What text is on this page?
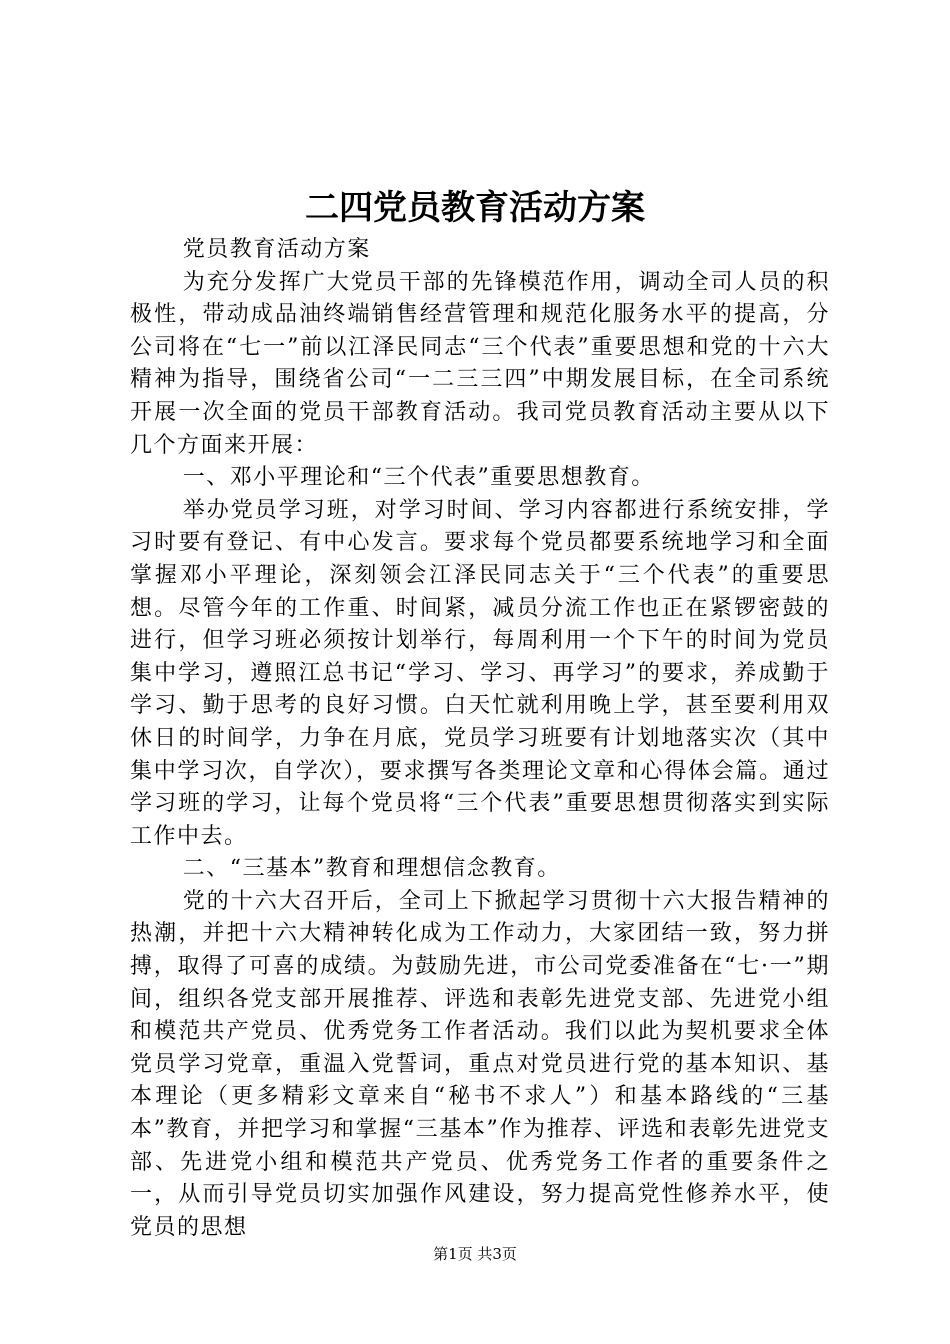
二四党员教育活动方案

党员教育活动方案

为充分发挥广大党员干部的先锋模范作用，调动全司人员的积极性，带动成品油终端销售经营管理和规范化服务水平的提高，分公司将在“七一”前以江泽民同志“三个代表”重要思想和党的十六大精神为指导，围绕省公司“一二三三四”中期发展目标，在全司系统开展一次全面的党员干部教育活动。我司党员教育活动主要从以下几个方面来开展：

一、邓小平理论和“三个代表”重要思想教育。

举办党员学习班，对学习时间、学习内容都进行系统安排，学习时要有登记、有中心发言。要求每个党员都要系统地学习和全面掌握邓小平理论，深刻领会江泽民同志关于“三个代表”的重要思想。尽管今年的工作重、时间紧，减员分流工作也正在紧锣密鼓的进行，但学习班必须按计划举行，每周利用一个下午的时间为党员集中学习，遵照江总书记“学习、学习、再学习”的要求，养成勤于学习、勤于思考的良好习惯。白天忙就利用晚上学，甚至要利用双休日的时间学，力争在月底，党员学习班要有计划地落实次（其中集中学习次，自学次），要求撰写各类理论文章和心得体会篇。通过学习班的学习，让每个党员将“三个代表”重要思想贯彻落实到实际工作中去。

二、“三基本”教育和理想信念教育。

党的十六大召开后，全司上下掀起学习贯彻十六大报告精神的热潮，并把十六大精神转化成为工作动力，大家团结一致，努力拼搏，取得了可喜的成绩。为鼓励先进，市公司党委准备在“七·一”期间，组织各党支部开展推荐、评选和表彰先进党支部、先进党小组和模范共产党员、优秀党务工作者活动。我们以此为契机要求全体党员学习党章，重温入党誓词，重点对党员进行党的基本知识、基本理论（更多精彩文章来自“秘书不求人”）和基本路线的“三基本”教育，并把学习和掌握“三基本”作为推荐、评选和表彰先进党支部、先进党小组和模范共产党员、优秀党务工作者的重要条件之一，从而引导党员切实加强作风建设，努力提高党性修养水平，使党员的思想

第1页 共3页
